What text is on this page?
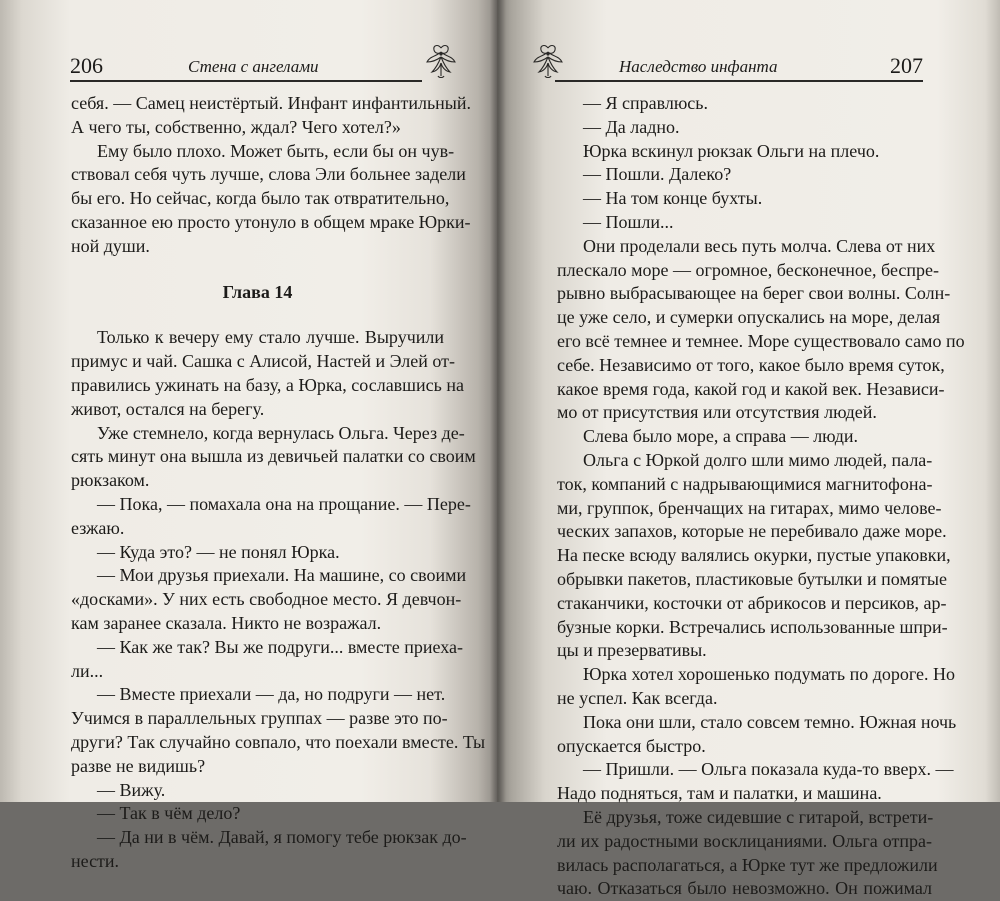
206	Стена с ангелами
себя. — Самец неистёртый. Инфант инфантильный.
А чего ты, собственно, ждал? Чего хотел?»
Ему было плохо. Может быть, если бы он чув-
ствовал себя чуть лучше, слова Эли больнее задели
бы его. Но сейчас, когда было так отвратительно,
сказанное ею просто утонуло в общем мраке Юрки-
ной души.
Глава 14
Только к вечеру ему стало лучше. Выручили
примус и чай. Сашка с Алисой, Настей и Элей от-
правились ужинать на базу, а Юрка, сославшись на
живот, остался на берегу.
Уже стемнело, когда вернулась Ольга. Через де-
сять минут она вышла из девичьей палатки со своим
рюкзаком.
— Пока, — помахала она на прощание. — Пере-
езжаю.
— Куда это? — не понял Юрка.
— Мои друзья приехали. На машине, со своими
«досками». У них есть свободное место. Я девчон-
кам заранее сказала. Никто не возражал.
— Как же так? Вы же подруги... вместе приеха-
ли...
— Вместе приехали — да, но подруги — нет.
Учимся в параллельных группах — разве это по-
други? Так случайно совпало, что поехали вместе. Ты
разве не видишь?
— Вижу.
— Так в чём дело?
— Да ни в чём. Давай, я помогу тебе рюкзак до-
нести.
Наследство инфанта	207
— Я справлюсь.
— Да ладно.
Юрка вскинул рюкзак Ольги на плечо.
— Пошли. Далеко?
— На том конце бухты.
— Пошли...
Они проделали весь путь молча. Слева от них
плескало море — огромное, бесконечное, беспре-
рывно выбрасывающее на берег свои волны. Солн-
це уже село, и сумерки опускались на море, делая
его всё темнее и темнее. Море существовало само по
себе. Независимо от того, какое было время суток,
какое время года, какой год и какой век. Независи-
мо от присутствия или отсутствия людей.
Слева было море, а справа — люди.
Ольга с Юркой долго шли мимо людей, пала-
ток, компаний с надрывающимися магнитофона-
ми, группок, бренчащих на гитарах, мимо челове-
ческих запахов, которые не перебивало даже море.
На песке всюду валялись окурки, пустые упаковки,
обрывки пакетов, пластиковые бутылки и помятые
стаканчики, косточки от абрикосов и персиков, ар-
бузные корки. Встречались использованные шпри-
цы и презервативы.
Юрка хотел хорошенько подумать по дороге. Но
не успел. Как всегда.
Пока они шли, стало совсем темно. Южная ночь
опускается быстро.
— Пришли. — Ольга показала куда-то вверх. —
Надо подняться, там и палатки, и машина.
Её друзья, тоже сидевшие с гитарой, встрети-
ли их радостными восклицаниями. Ольга отпра-
вилась располагаться, а Юрке тут же предложили
чаю. Отказаться было невозможно. Он пожимал
